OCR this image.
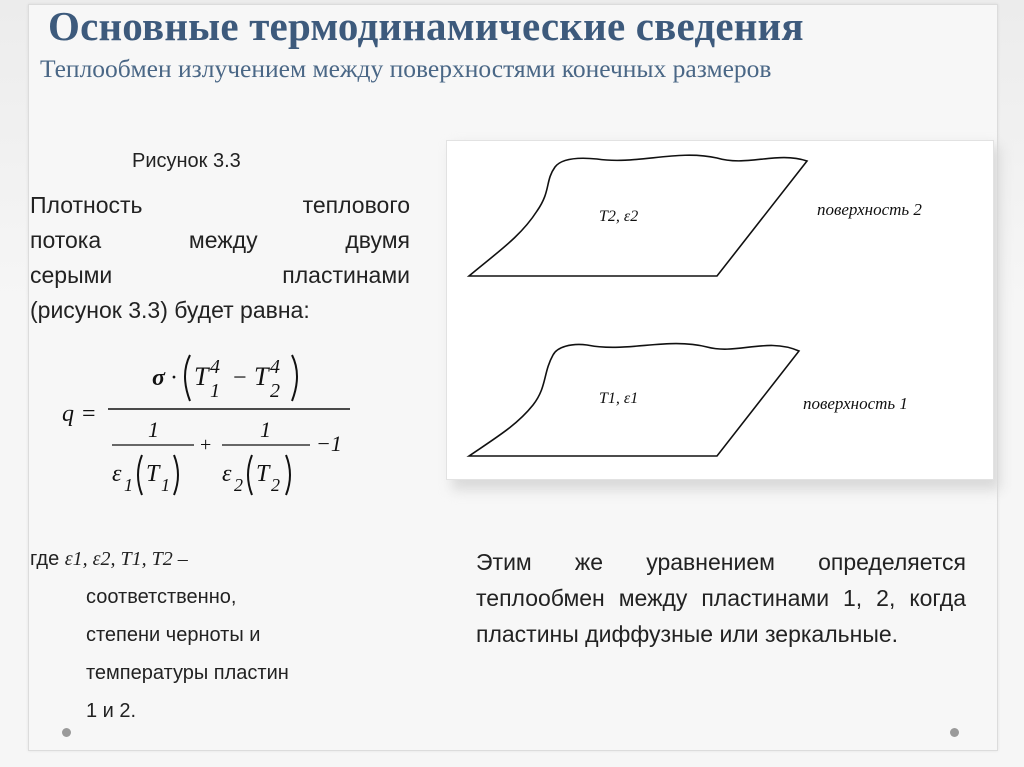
Основные термодинамические сведения
Теплообмен излучением между поверхностями конечных размеров
Рисунок 3.3
Плотность теплового
потока между двумя
серыми пластинами
(рисунок 3.3) будет равна:
q =
σ · T 4
1 − T 4
2
1
ε 1 T 1
+
1
ε 2 T 2
−1
где ε1, ε2, T1, T2 –
соответственно,
степени черноты и
температуры пластин
1 и 2.
T2, ε2	поверхность 2
T1, ε1	поверхность 1
Этим же уравнением определяется теплообмен между пластинами 1, 2, когда пластины диффузные или зеркальные.
